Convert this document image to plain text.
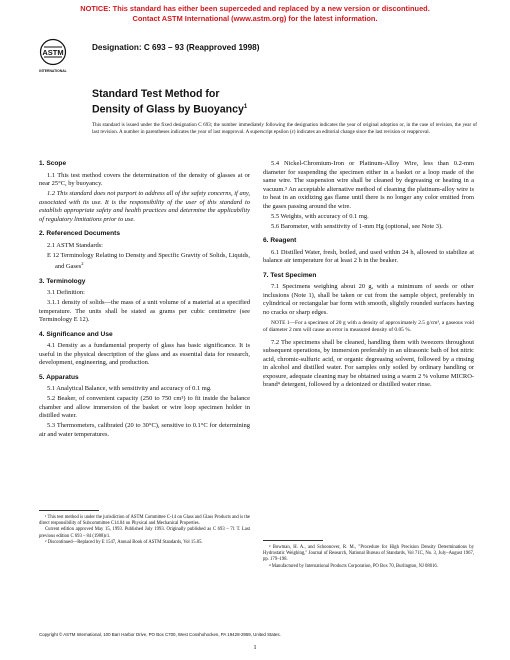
NOTICE: This standard has either been superceded and replaced by a new version or discontinued.
Contact ASTM International (www.astm.org) for the latest information.
ASTM
INTERNATIONAL
Designation: C 693 – 93 (Reapproved 1998)
Standard Test Method for
Density of Glass by Buoyancy$^1$
This standard is issued under the fixed designation C 693; the number immediately following the designation indicates the year of original adoption or, in the case of revision, the year of last revision. A number in parentheses indicates the year of last reapproval. A superscript epsilon (ε) indicates an editorial change since the last revision or reapproval.
1. Scope

1.1 This test method covers the determination of the density of glasses at or near 25°C, by buoyancy.

1.2 This standard does not purport to address all of the safety concerns, if any, associated with its use. It is the responsibility of the user of this standard to establish appropriate safety and health practices and determine the applicability of regulatory limitations prior to use.

2. Referenced Documents

2.1 ASTM Standards:

E 12 Terminology Relating to Density and Specific Gravity of Solids, Liquids, and Gases$^2$

3. Terminology

3.1 Definition:

3.1.1 density of solids—the mass of a unit volume of a material at a specified temperature. The units shall be stated as grams per cubic centimetre (see Terminology E 12).

4. Significance and Use

4.1 Density as a fundamental property of glass has basic significance. It is useful in the physical description of the glass and as essential data for research, development, engineering, and production.

5. Apparatus

5.1 Analytical Balance, with sensitivity and accuracy of 0.1 mg.

5.2 Beaker, of convenient capacity (250 to 750 cm³) to fit inside the balance chamber and allow immersion of the basket or wire loop specimen holder in distilled water.

5.3 Thermometers, calibrated (20 to 30°C), sensitive to 0.1°C for determining air and water temperatures.

5.4 Nickel-Chromium-Iron or Platinum-Alloy Wire, less than 0.2-mm diameter for suspending the specimen either in a basket or a loop made of the same wire. The suspension wire shall be cleaned by degreasing or heating in a vacuum.³ An acceptable alternative method of cleaning the platinum-alloy wire is to heat in an oxidizing gas flame until there is no longer any color emitted from the gases passing around the wire.

5.5 Weights, with accuracy of 0.1 mg.

5.6 Barometer, with sensitivity of 1-mm Hg (optional, see Note 3).

6. Reagent

6.1 Distilled Water, fresh, boiled, and used within 24 h, allowed to stabilize at balance air temperature for at least 2 h in the beaker.

7. Test Specimen

7.1 Specimens weighing about 20 g, with a minimum of seeds or other inclusions (Note 1), shall be taken or cut from the sample object, preferably in cylindrical or rectangular bar form with smooth, slightly rounded surfaces having no cracks or sharp edges.

NOTE 1—For a specimen of 20 g with a density of approximately 2.5 g/cm³, a gaseous void of diameter 2 mm will cause an error in measured density of 0.05 %.

7.2 The specimens shall be cleaned, handling them with tweezers throughout subsequent operations, by immersion preferably in an ultrasonic bath of hot nitric acid, chromic-sulfuric acid, or organic degreasing solvent, followed by a rinsing in alcohol and distilled water. For samples only soiled by ordinary handling or exposure, adequate cleaning may be obtained using a warm 2 % volume MICRO-brand⁴ detergent, followed by a deionized or distilled water rinse.

¹ This test method is under the jurisdiction of ASTM Committee C-14 on Glass and Glass Products and is the direct responsibility of Subcommittee C14.04 on Physical and Mechanical Properties.

Current edition approved May 15, 1993. Published July 1993. Originally published as C 693 – 71 T. Last previous edition C 693 – 84 (1988)ε1.

² Discontinued—Replaced by E 1547, Annual Book of ASTM Standards, Vol 15.05.

³ Bowman, H. A., and Schoonover, R. M., "Procedure for High Precision Density Determinations by Hydrostatic Weighing," Journal of Research, National Bureau of Standards, Vol 71C, No. 3, July–August 1967, pp. 179–198.

⁴ Manufactured by International Products Corporation, PO Box 70, Burlington, NJ 08016.

Copyright © ASTM International, 100 Barr Harbor Drive, PO Box C700, West Conshohocken, PA 19428-2959, United States.
1
